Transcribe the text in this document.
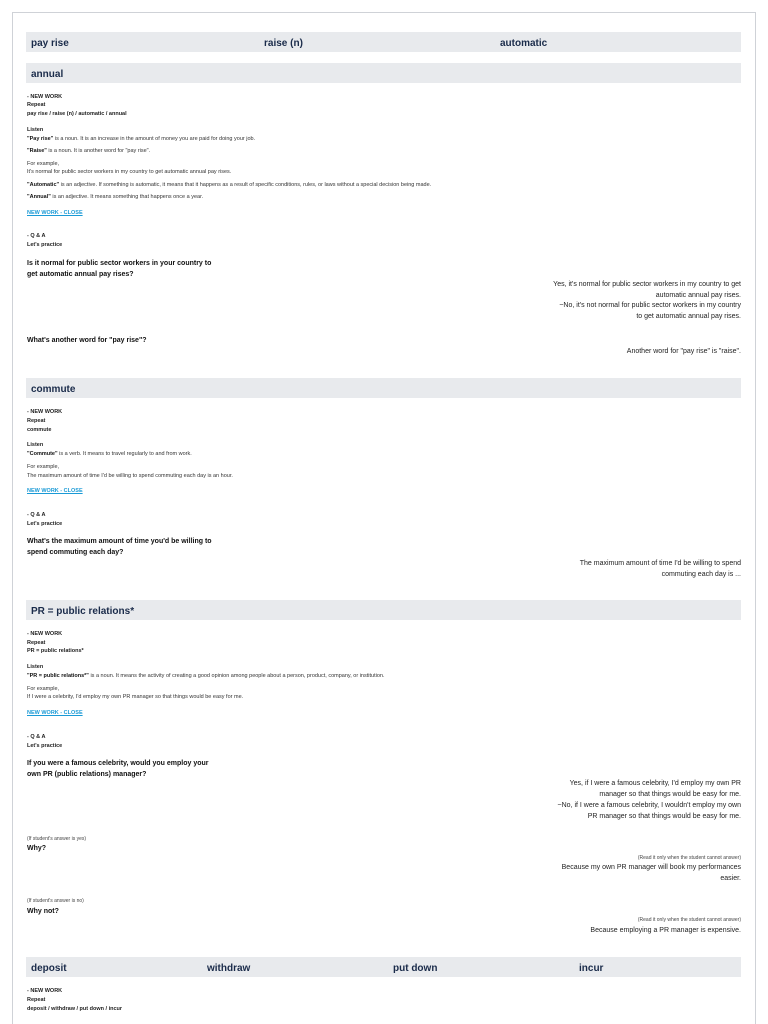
pay rise	raise (n)	automatic
annual
- NEW WORK
Repeat
pay rise / raise (n) / automatic / annual
Listen
"Pay rise" is a noun. It is an increase in the amount of money you are paid for doing your job.
"Raise" is a noun. It is another word for "pay rise".
For example,
It's normal for public sector workers in my country to get automatic annual pay rises.
"Automatic" is an adjective. If something is automatic, it means that it happens as a result of specific conditions, rules, or laws without a special decision being made.
"Annual" is an adjective. It means something that happens once a year.
NEW WORK - CLOSE
- Q & A
Let's practice
Is it normal for public sector workers in your country to
get automatic annual pay rises?
Yes, it's normal for public sector workers in my country to get
automatic annual pay rises.
~No, it's not normal for public sector workers in my country
to get automatic annual pay rises.
What's another word for "pay rise"?
Another word for "pay rise" is "raise".
commute
- NEW WORK
Repeat
commute
Listen
"Commute" is a verb. It means to travel regularly to and from work.
For example,
The maximum amount of time I'd be willing to spend commuting each day is an hour.
NEW WORK - CLOSE
- Q & A
Let's practice
What's the maximum amount of time you'd be willing to
spend commuting each day?
The maximum amount of time I'd be willing to spend
commuting each day is ...
PR = public relations*
- NEW WORK
Repeat
PR = public relations*
Listen
"PR = public relations*" is a noun. It means the activity of creating a good opinion among people about a person, product, company, or institution.
For example,
If I were a celebrity, I'd employ my own PR manager so that things would be easy for me.
NEW WORK - CLOSE
- Q & A
Let's practice
If you were a famous celebrity, would you employ your
own PR (public relations) manager?
Yes, if I were a famous celebrity, I'd employ my own PR
manager so that things would be easy for me.
~No, if I were a famous celebrity, I wouldn't employ my own
PR manager so that things would be easy for me.
(If student's answer is yes)
Why?
(Read it only when the student cannot answer)
Because my own PR manager will book my performances
easier.
(If student's answer is no)
Why not?
(Read it only when the student cannot answer)
Because employing a PR manager is expensive.
deposit	withdraw	put down	incur
- NEW WORK
Repeat
deposit / withdraw / put down / incur
